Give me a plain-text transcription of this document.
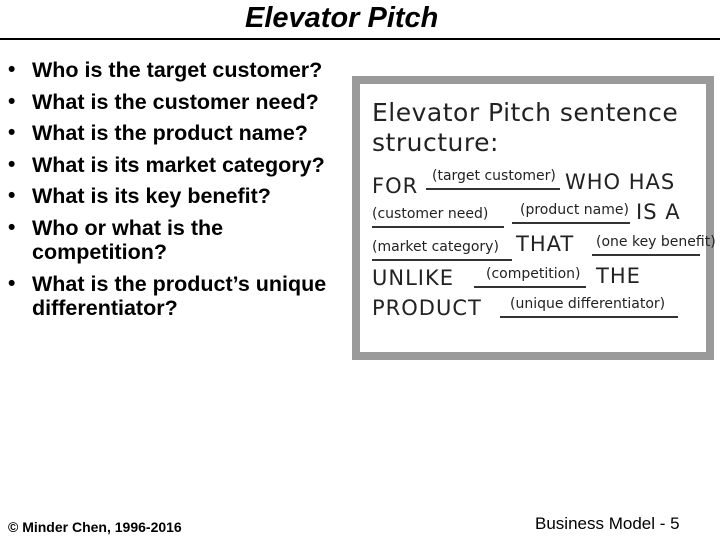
Elevator Pitch
• Who is the target customer?
• What is the customer need?
• What is the product name?
• What is its market category?
• What is its key benefit?
• Who or what is the competition?
• What is the product’s unique differentiator?
Elevator Pitch sentence
structure:
FOR (target customer) WHO HAS
(customer need) (product name) IS A
(market category) THAT (one key benefit)
UNLIKE (competition) THE
PRODUCT (unique differentiator)
© Minder Chen, 1996-2016	Business Model - 5
